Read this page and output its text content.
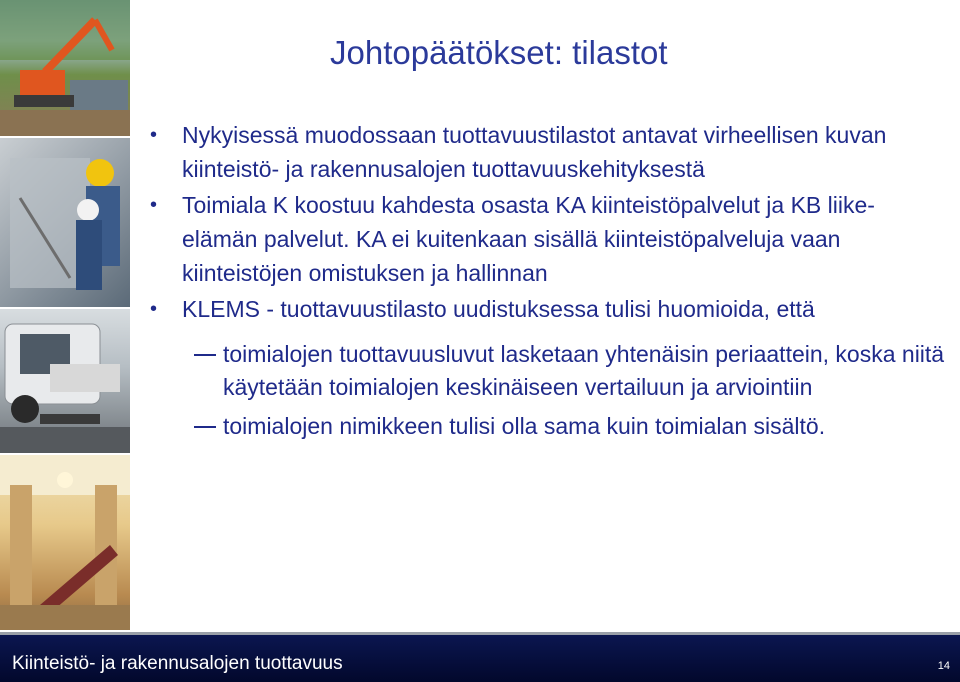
Johtopäätökset: tilastot
•	Nykyisessä muodossaan tuottavuustilastot antavat virheellisen kuvan kiinteistö- ja rakennusalojen tuottavuuskehityksestä
•	Toimiala K koostuu kahdesta osasta KA kiinteistöpalvelut ja KB liike-elämän palvelut. KA ei kuitenkaan sisällä kiinteistöpalveluja vaan kiinteistöjen omistuksen ja hallinnan
•	KLEMS - tuottavuustilasto uudistuksessa tulisi huomioida, että
toimialojen tuottavuusluvut lasketaan yhtenäisin periaattein, koska niitä käytetään toimialojen keskinäiseen vertailuun ja arviointiin
toimialojen nimikkeen tulisi olla sama kuin toimialan sisältö.
Kiinteistö- ja rakennusalojen tuottavuus	14
